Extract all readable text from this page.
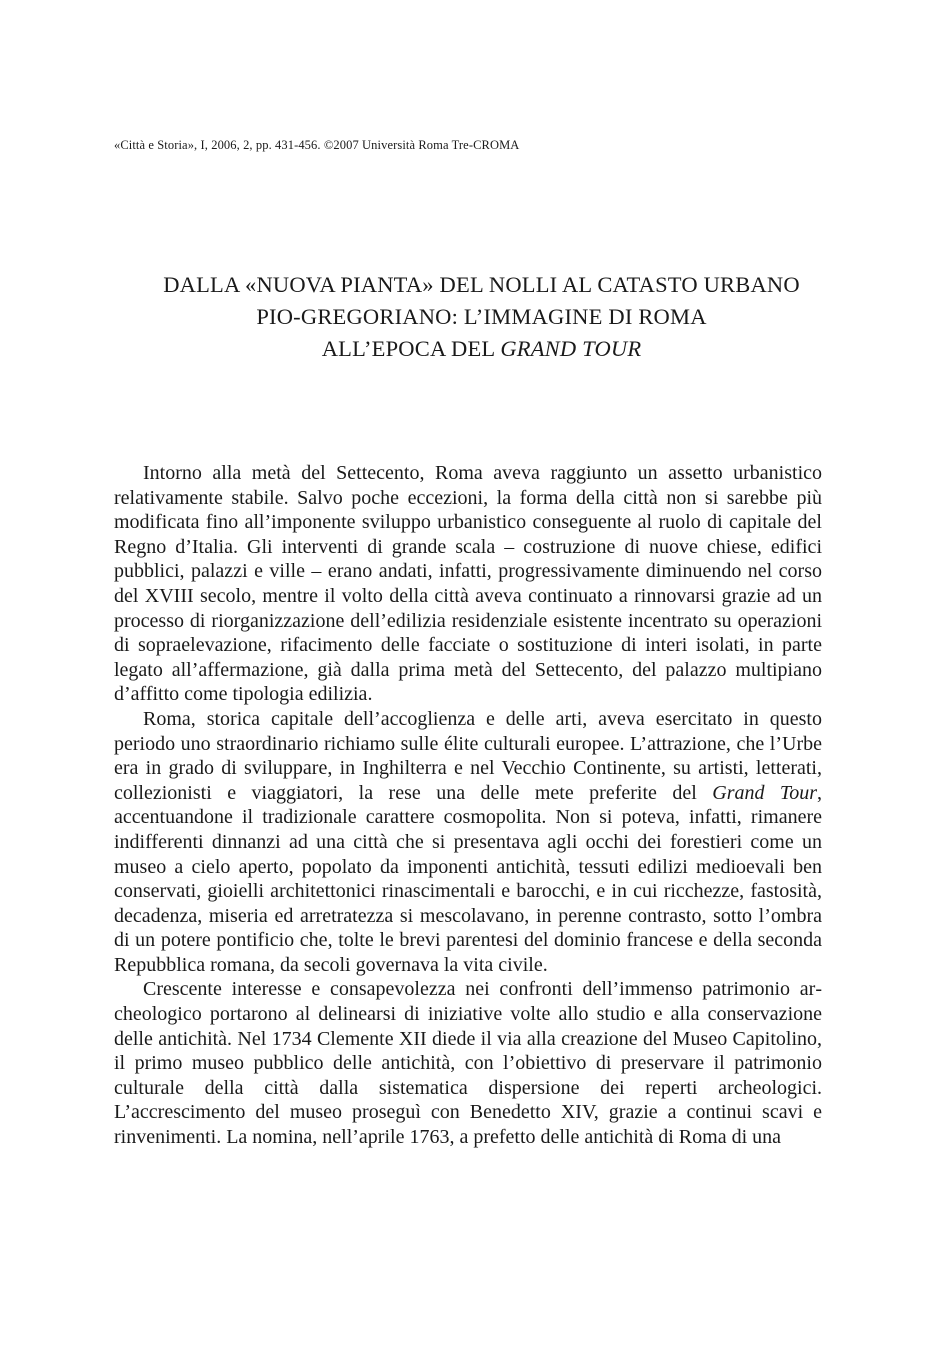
«Città e Storia», I, 2006, 2, pp. 431-456. ©2007 Università Roma Tre-CROMA
DALLA «NUOVA PIANTA» DEL NOLLI AL CATASTO URBANO
PIO-GREGORIANO: L’IMMAGINE DI ROMA
ALL’EPOCA DEL GRAND TOUR

Intorno alla metà del Settecento, Roma aveva raggiunto un assetto urbanistico relativamente stabile. Salvo poche eccezioni, la forma della città non si sarebbe più modificata fino all’imponente sviluppo urbanistico conseguente al ruolo di capitale del Regno d’Italia. Gli interventi di grande scala – costruzione di nuove chiese, edifici pubblici, palazzi e ville – erano andati, infatti, progressivamente diminuendo nel corso del XVIII secolo, mentre il volto della città aveva continuato a rinnovarsi grazie ad un processo di riorganizzazione dell’edilizia residenziale esistente incentrato su operazioni di sopraelevazione, rifacimento delle facciate o sostituzione di interi isolati, in parte legato all’affermazione, già dalla prima metà del Settecento, del palazzo multipiano d’affitto come tipologia edilizia.

Roma, storica capitale dell’accoglienza e delle arti, aveva esercitato in questo periodo uno straordinario richiamo sulle élite culturali europee. L’attrazione, che l’Urbe era in grado di sviluppare, in Inghilterra e nel Vecchio Continente, su artisti, letterati, collezionisti e viaggiatori, la rese una delle mete preferite del Grand Tour, accentuandone il tradizionale carattere cosmopolita. Non si poteva, infatti, rimanere indifferenti dinnanzi ad una città che si presentava agli occhi dei forestieri come un museo a cielo aperto, popolato da imponenti antichità, tessuti edilizi medioevali ben conservati, gioielli architettonici rinascimentali e barocchi, e in cui ricchezze, fastosità, decadenza, miseria ed arretratezza si mescolavano, in perenne contrasto, sotto l’ombra di un potere pontificio che, tolte le brevi parentesi del dominio francese e della seconda Repubblica romana, da secoli governava la vita civile.

Crescente interesse e consapevolezza nei confronti dell’immenso patrimonio archeologico portarono al delinearsi di iniziative volte allo studio e alla conservazione delle antichità. Nel 1734 Clemente XII diede il via alla creazione del Museo Capitolino, il primo museo pubblico delle antichità, con l’obiettivo di preservare il patrimonio culturale della città dalla sistematica dispersione dei reperti archeologici. L’accrescimento del museo proseguì con Benedetto XIV, grazie a continui scavi e rinvenimenti. La nomina, nell’aprile 1763, a prefetto delle antichità di Roma di una
